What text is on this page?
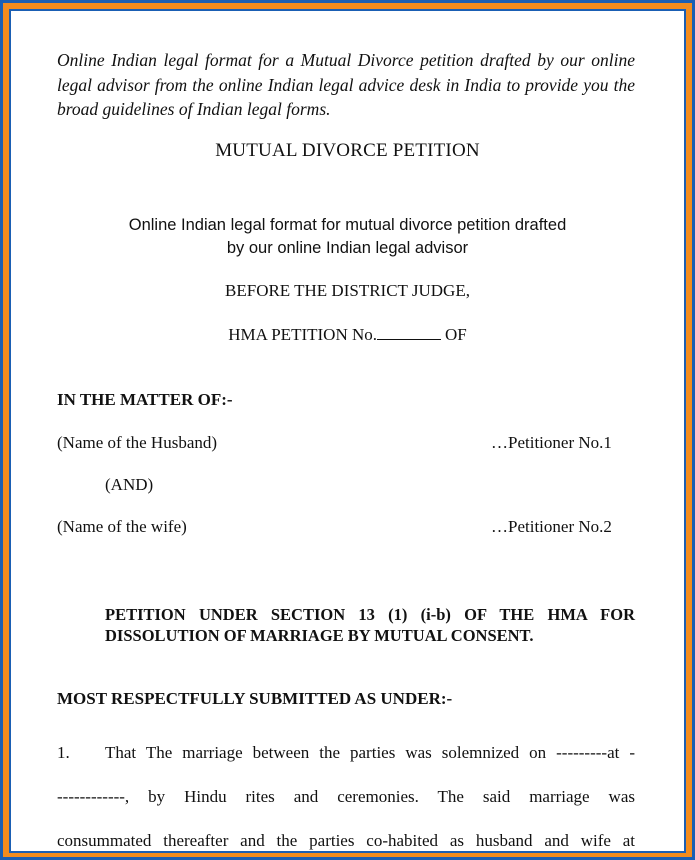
Online Indian legal format for a Mutual Divorce petition drafted by our online legal advisor from the online Indian legal advice desk in India to provide you the broad guidelines of Indian legal forms.
MUTUAL DIVORCE PETITION
Online Indian legal format for mutual divorce petition drafted
by our online Indian legal advisor
BEFORE THE DISTRICT JUDGE,
HMA PETITION No.	OF
IN THE MATTER OF:-
(Name of the Husband)	…Petitioner No.1
(AND)
(Name of the wife)	…Petitioner No.2
PETITION UNDER SECTION 13 (1) (i-b) OF THE HMA FOR
DISSOLUTION OF MARRIAGE BY MUTUAL CONSENT.
MOST RESPECTFULLY SUBMITTED AS UNDER:-
1. That The marriage between the parties was solemnized on ---------at -
------------, by Hindu rites and ceremonies. The said marriage was
consummated thereafter and the parties co-habited as husband and wife at
